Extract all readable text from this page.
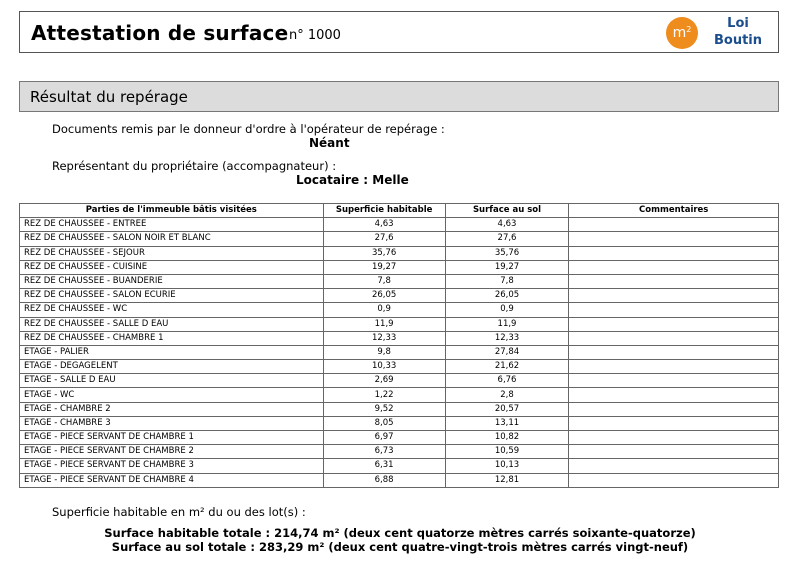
Attestation de surface n° 1000	$m^2$	Loi
Boutin
Résultat du repérage
Documents remis par le donneur d'ordre à l'opérateur de repérage :
Néant
Représentant du propriétaire (accompagnateur) :
Locataire : Melle
Parties de l'immeuble bâtis visitées	Superficie habitable	Surface au sol	Commentaires
REZ DE CHAUSSEE - ENTREE	4,63	4,63	
REZ DE CHAUSSEE - SALON NOIR ET BLANC	27,6	27,6	
REZ DE CHAUSSEE - SEJOUR	35,76	35,76	
REZ DE CHAUSSEE - CUISINE	19,27	19,27	
REZ DE CHAUSSEE - BUANDERIE	7,8	7,8	
REZ DE CHAUSSEE - SALON ECURIE	26,05	26,05	
REZ DE CHAUSSEE - WC	0,9	0,9	
REZ DE CHAUSSEE - SALLE D EAU	11,9	11,9	
REZ DE CHAUSSEE - CHAMBRE 1	12,33	12,33	
ETAGE - PALIER	9,8	27,84	
ETAGE - DEGAGELENT	10,33	21,62	
ETAGE - SALLE D EAU	2,69	6,76	
ETAGE - WC	1,22	2,8	
ETAGE - CHAMBRE 2	9,52	20,57	
ETAGE - CHAMBRE 3	8,05	13,11	
ETAGE - PIECE SERVANT DE CHAMBRE 1	6,97	10,82	
ETAGE - PIECE SERVANT DE CHAMBRE 2	6,73	10,59	
ETAGE - PIECE SERVANT DE CHAMBRE 3	6,31	10,13	
ETAGE - PIECE SERVANT DE CHAMBRE 4	6,88	12,81	
Superficie habitable en m² du ou des lot(s) :
Surface habitable totale : 214,74 m² (deux cent quatorze mètres carrés soixante-quatorze)
Surface au sol totale : 283,29 m² (deux cent quatre-vingt-trois mètres carrés vingt-neuf)
